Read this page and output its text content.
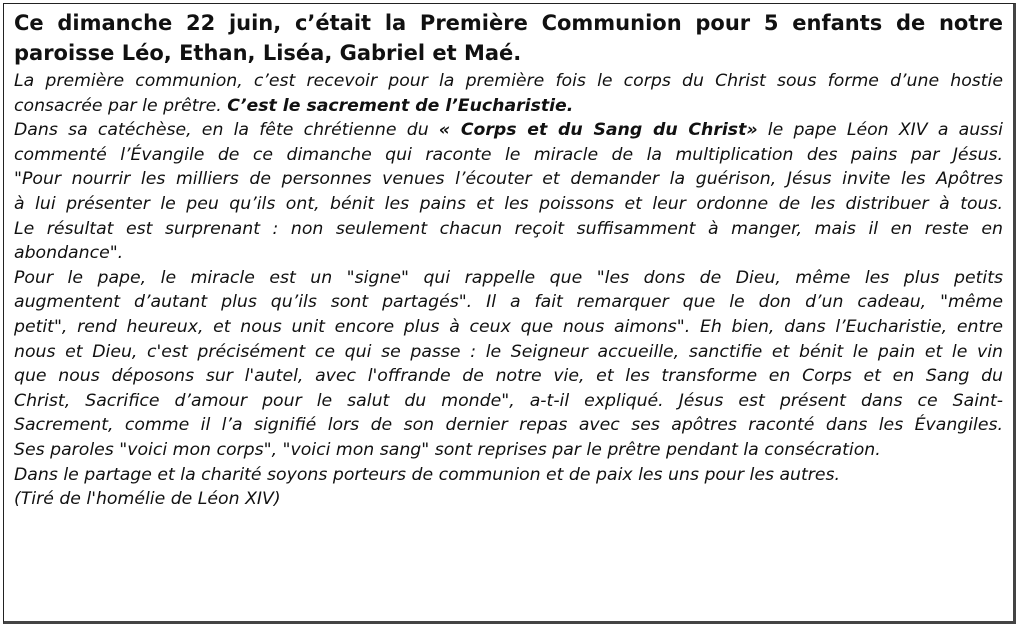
Ce dimanche 22 juin, c’était la Première Communion pour 5 enfants de notre
paroisse Léo, Ethan, Liséa, Gabriel et Maé.
La première communion, c’est recevoir pour la première fois le corps du Christ sous forme d’une hostie
consacrée par le prêtre. C’est le sacrement de l’Eucharistie.
Dans sa catéchèse, en la fête chrétienne du « Corps et du Sang du Christ» le pape Léon XIV a aussi
commenté l’Évangile de ce dimanche qui raconte le miracle de la multiplication des pains par Jésus.
"Pour nourrir les milliers de personnes venues l’écouter et demander la guérison, Jésus invite les Apôtres
à lui présenter le peu qu’ils ont, bénit les pains et les poissons et leur ordonne de les distribuer à tous.
Le résultat est surprenant : non seulement chacun reçoit suffisamment à manger, mais il en reste en
abondance".
Pour le pape, le miracle est un "signe" qui rappelle que "les dons de Dieu, même les plus petits
augmentent d’autant plus qu’ils sont partagés". Il a fait remarquer que le don d’un cadeau, "même
petit", rend heureux, et nous unit encore plus à ceux que nous aimons". Eh bien, dans l’Eucharistie, entre
nous et Dieu, c'est précisément ce qui se passe : le Seigneur accueille, sanctifie et bénit le pain et le vin
que nous déposons sur l'autel, avec l'offrande de notre vie, et les transforme en Corps et en Sang du
Christ, Sacrifice d’amour pour le salut du monde", a-t-il expliqué. Jésus est présent dans ce Saint-
Sacrement, comme il l’a signifié lors de son dernier repas avec ses apôtres raconté dans les Évangiles.
Ses paroles "voici mon corps", "voici mon sang" sont reprises par le prêtre pendant la consécration.
Dans le partage et la charité soyons porteurs de communion et de paix les uns pour les autres.
(Tiré de l'homélie de Léon XIV)
